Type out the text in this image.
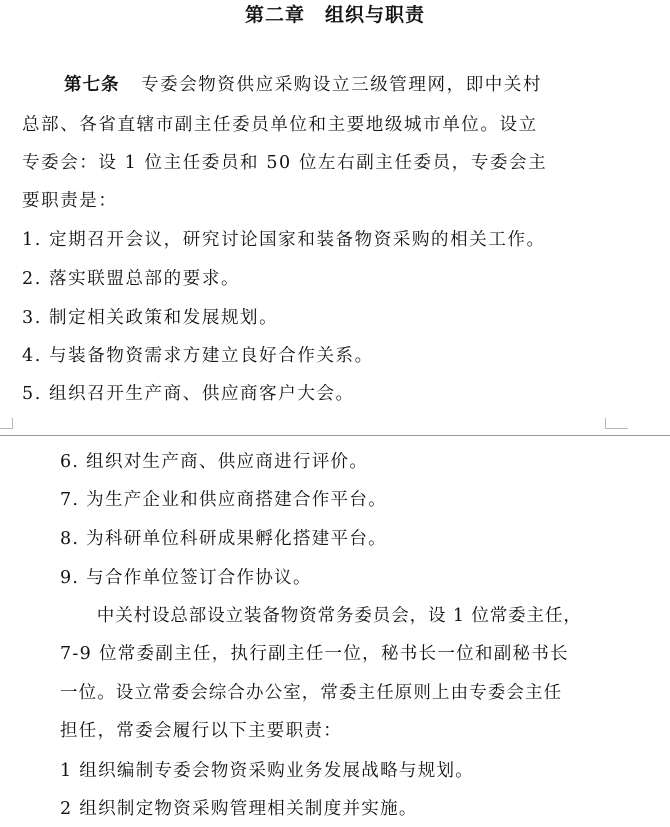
第二章　组织与职责
第七条 专委会物资供应采购设立三级管理网，即中关村
总部、各省直辖市副主任委员单位和主要地级城市单位。设立
专委会：设 1 位主任委员和 50 位左右副主任委员，专委会主
要职责是：
1. 定期召开会议，研究讨论国家和装备物资采购的相关工作。
2. 落实联盟总部的要求。
3. 制定相关政策和发展规划。
4. 与装备物资需求方建立良好合作关系。
5. 组织召开生产商、供应商客户大会。
6. 组织对生产商、供应商进行评价。
7. 为生产企业和供应商搭建合作平台。
8. 为科研单位科研成果孵化搭建平台。
9. 与合作单位签订合作协议。
　　中关村设总部设立装备物资常务委员会，设 1 位常委主任，
7-9 位常委副主任，执行副主任一位，秘书长一位和副秘书长
一位。设立常委会综合办公室，常委主任原则上由专委会主任
担任，常委会履行以下主要职责：
1 组织编制专委会物资采购业务发展战略与规划。
2 组织制定物资采购管理相关制度并实施。
